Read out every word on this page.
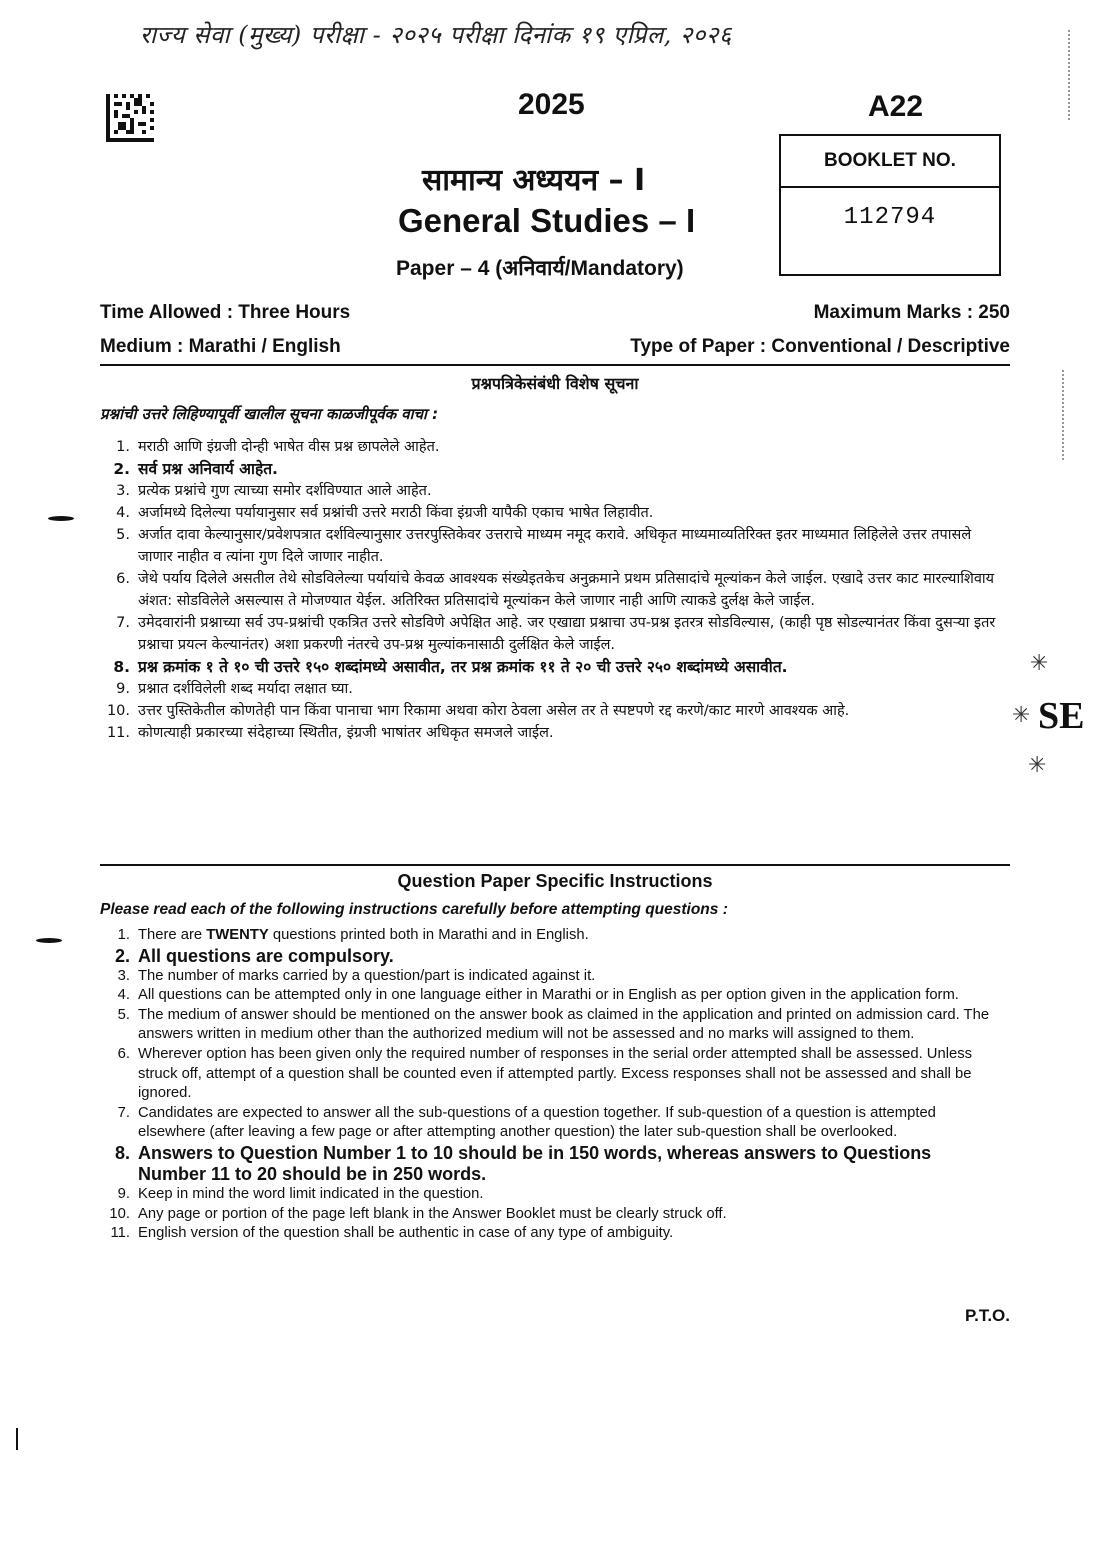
राज्य सेवा (मुख्य) परीक्षा - २०२५ परीक्षा दिनांक १९ एप्रिल, २०२६
2025	A22
सामान्य अध्ययन – I
General Studies – I
Paper – 4 (अनिवार्य/Mandatory)
BOOKLET NO.
112794
Time Allowed : Three Hours	Maximum Marks : 250
Medium : Marathi / English	Type of Paper : Conventional / Descriptive
प्रश्नपत्रिकेसंबंधी विशेष सूचना
प्रश्नांची उत्तरे लिहिण्यापूर्वी खालील सूचना काळजीपूर्वक वाचा :
1. मराठी आणि इंग्रजी दोन्ही भाषेत वीस प्रश्न छापलेले आहेत.
2. सर्व प्रश्न अनिवार्य आहेत.
3. प्रत्येक प्रश्नांचे गुण त्याच्या समोर दर्शविण्यात आले आहेत.
4. अर्जामध्ये दिलेल्या पर्यायानुसार सर्व प्रश्नांची उत्तरे मराठी किंवा इंग्रजी यापैकी एकाच भाषेत लिहावीत.
5. अर्जात दावा केल्यानुसार/प्रवेशपत्रात दर्शविल्यानुसार उत्तरपुस्तिकेवर उत्तराचे माध्यम नमूद करावे. अधिकृत माध्यमाव्यतिरिक्त इतर माध्यमात लिहिलेले उत्तर तपासले जाणार नाहीत व त्यांना गुण दिले जाणार नाहीत.
6. जेथे पर्याय दिलेले असतील तेथे सोडविलेल्या पर्यायांचे केवळ आवश्यक संख्येइतकेच अनुक्रमाने प्रथम प्रतिसादांचे मूल्यांकन केले जाईल. एखादे उत्तर काट मारल्याशिवाय अंशत: सोडविलेले असल्यास ते मोजण्यात येईल. अतिरिक्त प्रतिसादांचे मूल्यांकन केले जाणार नाही आणि त्याकडे दुर्लक्ष केले जाईल.
7. उमेदवारांनी प्रश्नाच्या सर्व उप-प्रश्नांची एकत्रित उत्तरे सोडविणे अपेक्षित आहे. जर एखाद्या प्रश्नाचा उप-प्रश्न इतरत्र सोडविल्यास, (काही पृष्ठ सोडल्यानंतर किंवा दुसऱ्या इतर प्रश्नाचा प्रयत्न केल्यानंतर) अशा प्रकरणी नंतरचे उप-प्रश्न मुल्यांकनासाठी दुर्लक्षित केले जाईल.
8. प्रश्न क्रमांक १ ते १० ची उत्तरे १५० शब्दांमध्ये असावीत, तर प्रश्न क्रमांक ११ ते २० ची उत्तरे २५० शब्दांमध्ये असावीत.
9. प्रश्नात दर्शविलेली शब्द मर्यादा लक्षात घ्या.
10. उत्तर पुस्तिकेतील कोणतेही पान किंवा पानाचा भाग रिकामा अथवा कोरा ठेवला असेल तर ते स्पष्टपणे रद्द करणे/काट मारणे आवश्यक आहे.
11. कोणत्याही प्रकारच्या संदेहाच्या स्थितीत, इंग्रजी भाषांतर अधिकृत समजले जाईल.
Question Paper Specific Instructions
Please read each of the following instructions carefully before attempting questions :
1. There are TWENTY questions printed both in Marathi and in English.
2. All questions are compulsory.
3. The number of marks carried by a question/part is indicated against it.
4. All questions can be attempted only in one language either in Marathi or in English as per option given in the application form.
5. The medium of answer should be mentioned on the answer book as claimed in the application and printed on admission card. The answers written in medium other than the authorized medium will not be assessed and no marks will assigned to them.
6. Wherever option has been given only the required number of responses in the serial order attempted shall be assessed. Unless struck off, attempt of a question shall be counted even if attempted partly. Excess responses shall not be assessed and shall be ignored.
7. Candidates are expected to answer all the sub-questions of a question together. If sub-question of a question is attempted elsewhere (after leaving a few page or after attempting another question) the later sub-question shall be overlooked.
8. Answers to Question Number 1 to 10 should be in 150 words, whereas answers to Questions Number 11 to 20 should be in 250 words.
9. Keep in mind the word limit indicated in the question.
10. Any page or portion of the page left blank in the Answer Booklet must be clearly struck off.
11. English version of the question shall be authentic in case of any type of ambiguity.
P.T.O.
✳
✳
✳
SE
